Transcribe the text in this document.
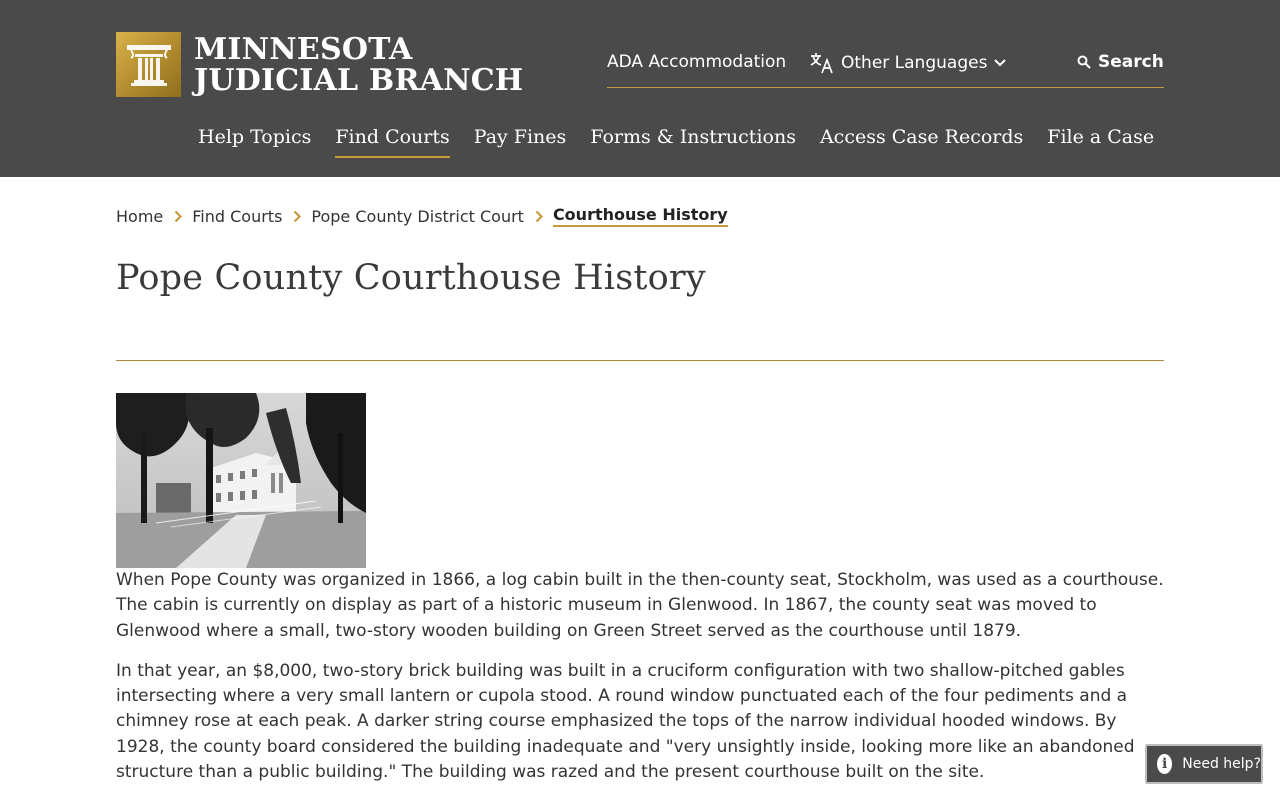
MINNESOTA
JUDICIAL BRANCH
ADA Accommodation	Other Languages	Search
Help Topics Find Courts Pay Fines Forms & Instructions Access Case Records File a Case
Home Find Courts Pope County District Court Courthouse History
Pope County Courthouse History

When Pope County was organized in 1866, a log cabin built in the then-county seat, Stockholm, was used as a courthouse. The cabin is currently on display as part of a historic museum in Glenwood. In 1867, the county seat was moved to Glenwood where a small, two-story wooden building on Green Street served as the courthouse until 1879.

In that year, an $8,000, two-story brick building was built in a cruciform configuration with two shallow-pitched gables intersecting where a very small lantern or cupola stood. A round window punctuated each of the four pediments and a chimney rose at each peak. A darker string course emphasized the tops of the narrow individual hooded windows. By 1928, the county board considered the building inadequate and "very unsightly inside, looking more like an abandoned structure than a public building." The building was razed and the present courthouse built on the site.	i	Need help?
